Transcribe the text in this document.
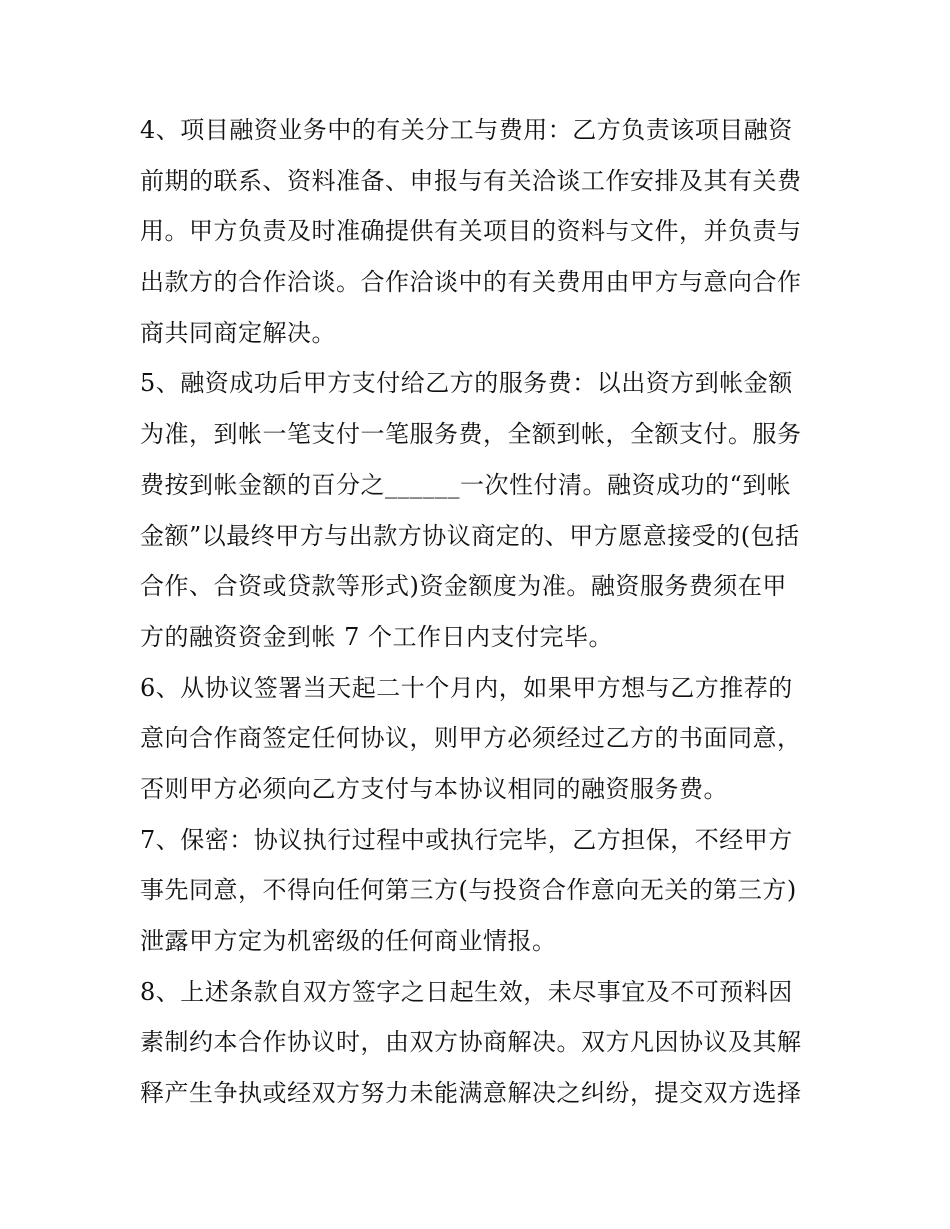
4、项目融资业务中的有关分工与费用：乙方负责该项目融资
前期的联系、资料准备、申报与有关洽谈工作安排及其有关费
用。甲方负责及时准确提供有关项目的资料与文件，并负责与
出款方的合作洽谈。合作洽谈中的有关费用由甲方与意向合作
商共同商定解决。
5、融资成功后甲方支付给乙方的服务费：以出资方到帐金额
为准，到帐一笔支付一笔服务费，全额到帐，全额支付。服务
费按到帐金额的百分之______一次性付清。融资成功的“到帐
金额”以最终甲方与出款方协议商定的、甲方愿意接受的(包括
合作、合资或贷款等形式)资金额度为准。融资服务费须在甲
方的融资资金到帐 7 个工作日内支付完毕。
6、从协议签署当天起二十个月内，如果甲方想与乙方推荐的
意向合作商签定任何协议，则甲方必须经过乙方的书面同意，
否则甲方必须向乙方支付与本协议相同的融资服务费。
7、保密：协议执行过程中或执行完毕，乙方担保，不经甲方
事先同意，不得向任何第三方(与投资合作意向无关的第三方)
泄露甲方定为机密级的任何商业情报。
8、上述条款自双方签字之日起生效，未尽事宜及不可预料因
素制约本合作协议时，由双方协商解决。双方凡因协议及其解
释产生争执或经双方努力未能满意解决之纠纷，提交双方选择
